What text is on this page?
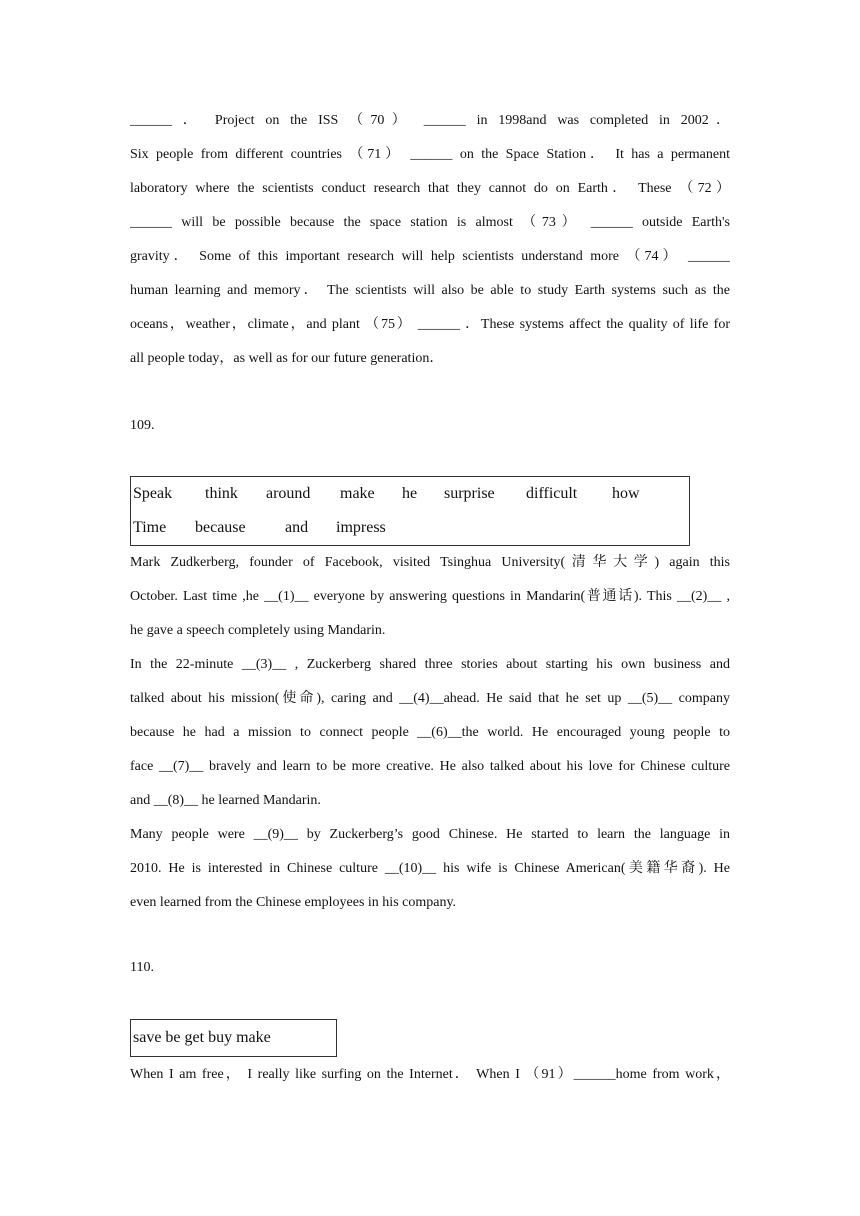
______ ． Project on the ISS （70） ______ in 1998and was completed in 2002．
Six people from different countries （71） ______ on the Space Station． It has a permanent
laboratory where the scientists conduct research that they cannot do on Earth． These （72）
______ will be possible because the space station is almost （73） ______ outside Earth's
gravity． Some of this important research will help scientists understand more （74） ______
human learning and memory． The scientists will also be able to study Earth systems such as the
oceans，weather，climate，and plant （75） ______ ．These systems affect the quality of life for
all people today，as well as for our future generation．
109.
Speak think around make he surprise difficult how
Time because and impress
Mark Zudkerberg, founder of Facebook, visited Tsinghua University(清华大学) again this
October. Last time ,he __(1)__ everyone by answering questions in Mandarin(普通话). This __(2)__ ,
he gave a speech completely using Mandarin.
In the 22-minute __(3)__ , Zuckerberg shared three stories about starting his own business and
talked about his mission(使命), caring and __(4)__ahead. He said that he set up __(5)__ company
because he had a mission to connect people __(6)__the world. He encouraged young people to
face __(7)__ bravely and learn to be more creative. He also talked about his love for Chinese culture
and __(8)__ he learned Mandarin.
Many people were __(9)__ by Zuckerberg’s good Chinese. He started to learn the language in
2010. He is interested in Chinese culture __(10)__ his wife is Chinese American(美籍华裔). He
even learned from the Chinese employees in his company.
110.
save be get buy make
When I am free， I really like surfing on the Internet． When I （91）______home from work，
